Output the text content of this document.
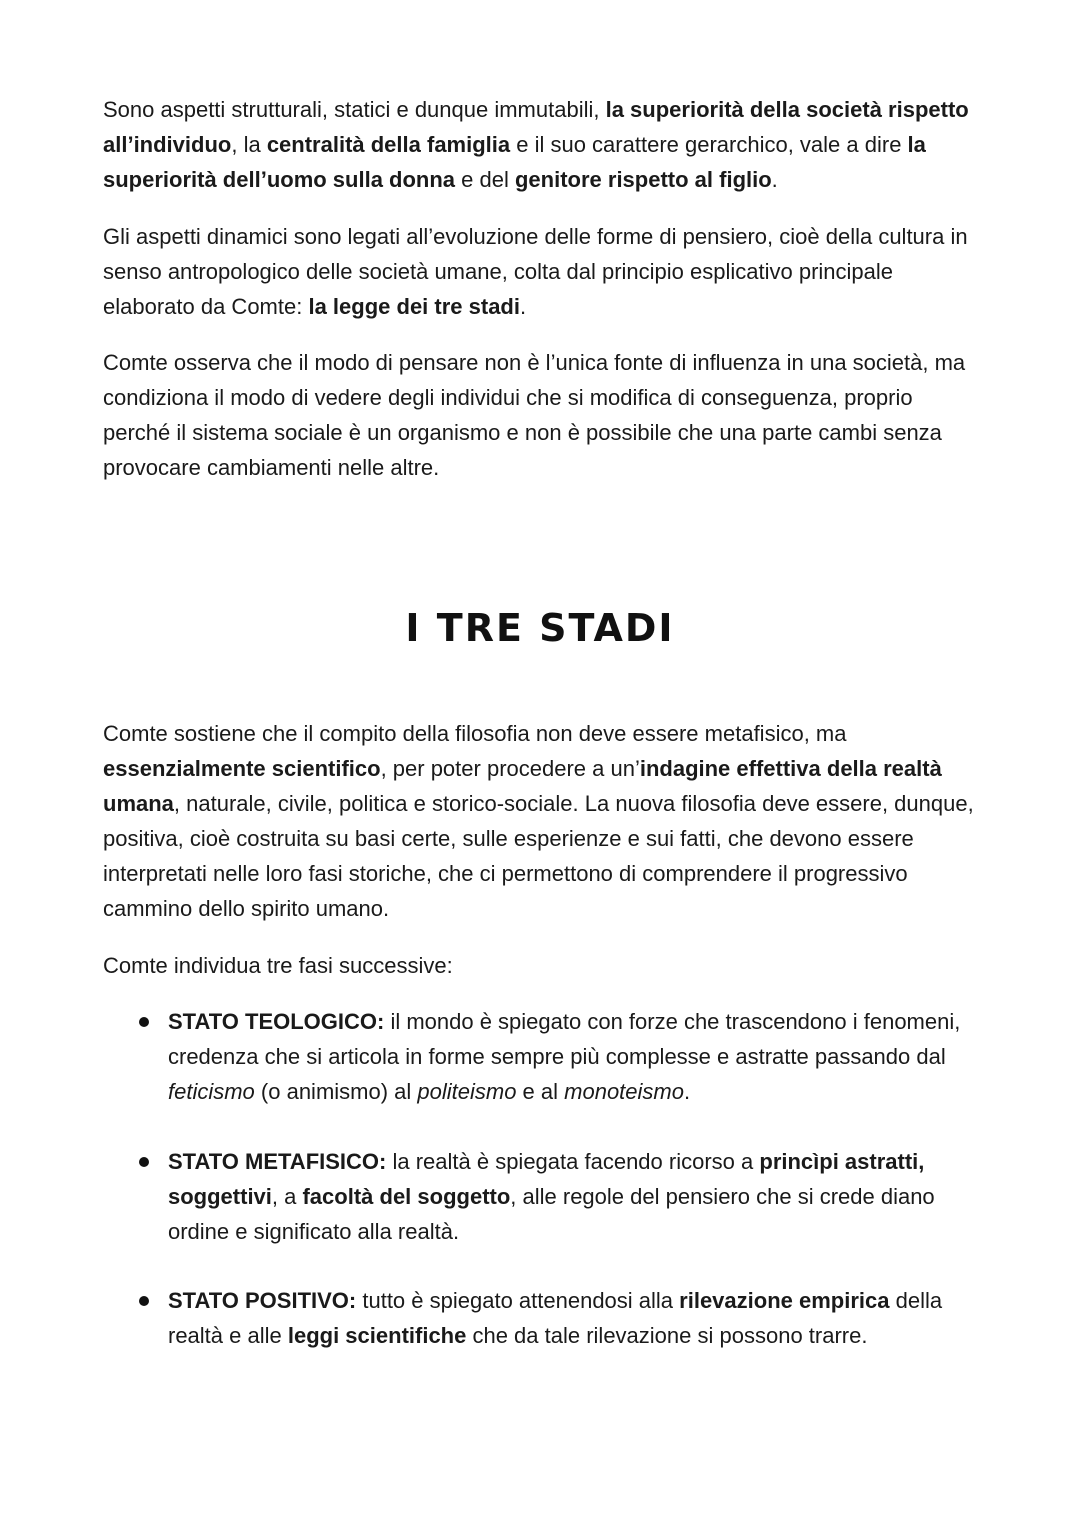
Sono aspetti strutturali, statici e dunque immutabili, la superiorità della società rispetto all’individuo, la centralità della famiglia e il suo carattere gerarchico, vale a dire la superiorità dell’uomo sulla donna e del genitore rispetto al figlio.

Gli aspetti dinamici sono legati all’evoluzione delle forme di pensiero, cioè della cultura in senso antropologico delle società umane, colta dal principio esplicativo principale elaborato da Comte: la legge dei tre stadi.

Comte osserva che il modo di pensare non è l’unica fonte di influenza in una società, ma condiziona il modo di vedere degli individui che si modifica di conseguenza, proprio perché il sistema sociale è un organismo e non è possibile che una parte cambi senza provocare cambiamenti nelle altre.

I TRE STADI

Comte sostiene che il compito della filosofia non deve essere metafisico, ma essenzialmente scientifico, per poter procedere a un’indagine effettiva della realtà umana, naturale, civile, politica e storico-sociale. La nuova filosofia deve essere, dunque, positiva, cioè costruita su basi certe, sulle esperienze e sui fatti, che devono essere interpretati nelle loro fasi storiche, che ci permettono di comprendere il progressivo cammino dello spirito umano.

Comte individua tre fasi successive:

STATO TEOLOGICO: il mondo è spiegato con forze che trascendono i fenomeni, credenza che si articola in forme sempre più complesse e astratte passando dal feticismo (o animismo) al politeismo e al monoteismo.

STATO METAFISICO: la realtà è spiegata facendo ricorso a princìpi astratti, soggettivi, a facoltà del soggetto, alle regole del pensiero che si crede diano ordine e significato alla realtà.

STATO POSITIVO: tutto è spiegato attenendosi alla rilevazione empirica della realtà e alle leggi scientifiche che da tale rilevazione si possono trarre.
